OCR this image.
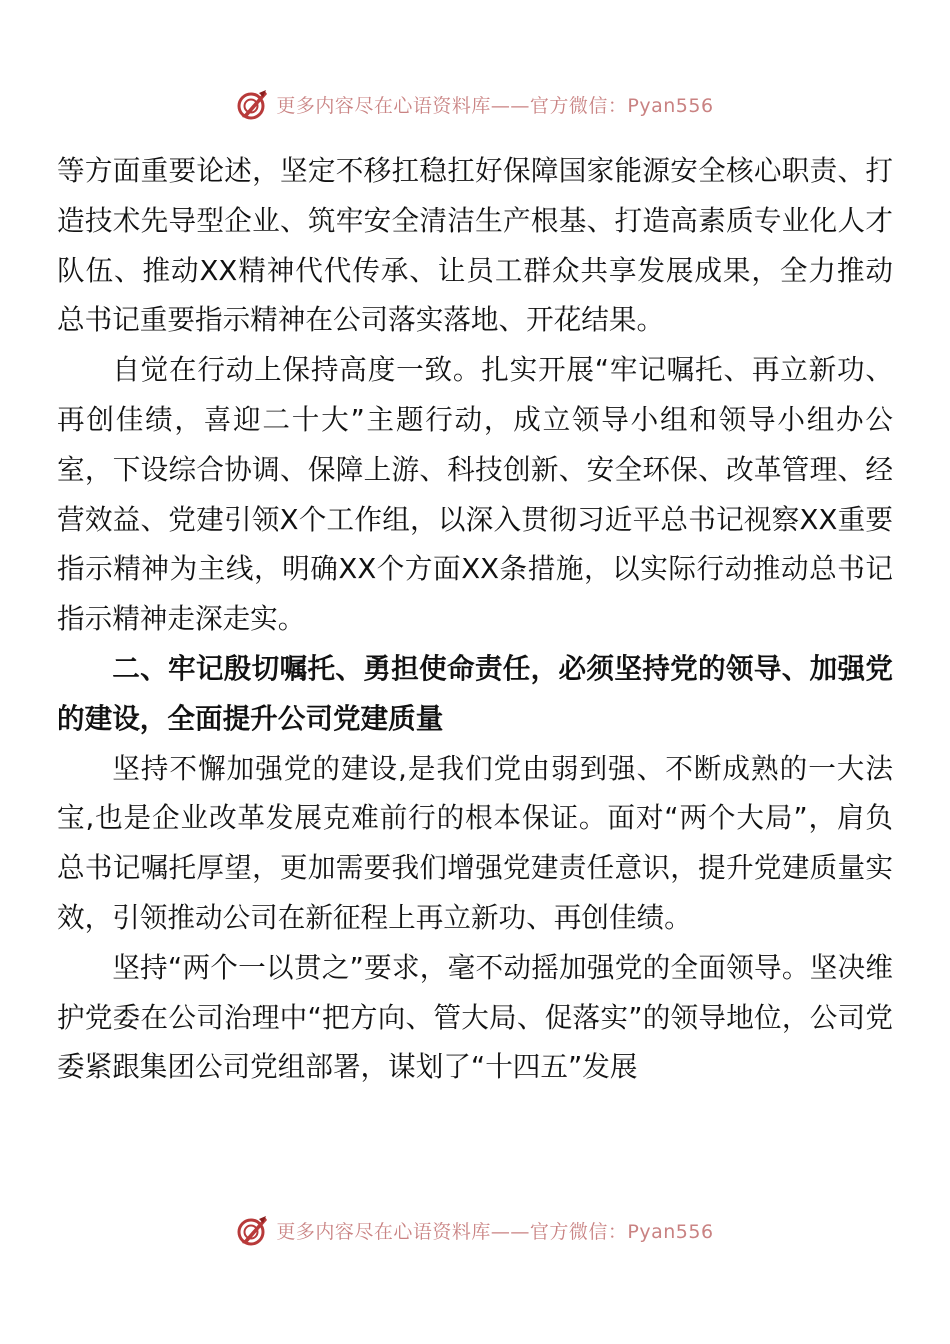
更多内容尽在心语资料库——官方微信：Pyan556

等方面重要论述，坚定不移扛稳扛好保障国家能源安全核心职责、打造技术先导型企业、筑牢安全清洁生产根基、打造高素质专业化人才队伍、推动XX精神代代传承、让员工群众共享发展成果，全力推动总书记重要指示精神在公司落实落地、开花结果。

自觉在行动上保持高度一致。扎实开展“牢记嘱托、再立新功、再创佳绩，喜迎二十大”主题行动，成立领导小组和领导小组办公室，下设综合协调、保障上游、科技创新、安全环保、改革管理、经营效益、党建引领X个工作组，以深入贯彻习近平总书记视察XX重要指示精神为主线，明确XX个方面XX条措施，以实际行动推动总书记指示精神走深走实。

二、牢记殷切嘱托、勇担使命责任，必须坚持党的领导、加强党的建设，全面提升公司党建质量

坚持不懈加强党的建设,是我们党由弱到强、不断成熟的一大法宝,也是企业改革发展克难前行的根本保证。面对“两个大局”，肩负总书记嘱托厚望，更加需要我们增强党建责任意识，提升党建质量实效，引领推动公司在新征程上再立新功、再创佳绩。

坚持“两个一以贯之”要求，毫不动摇加强党的全面领导。坚决维护党委在公司治理中“把方向、管大局、促落实”的领导地位，公司党委紧跟集团公司党组部署，谋划了“十四五”发展

更多内容尽在心语资料库——官方微信：Pyan556
